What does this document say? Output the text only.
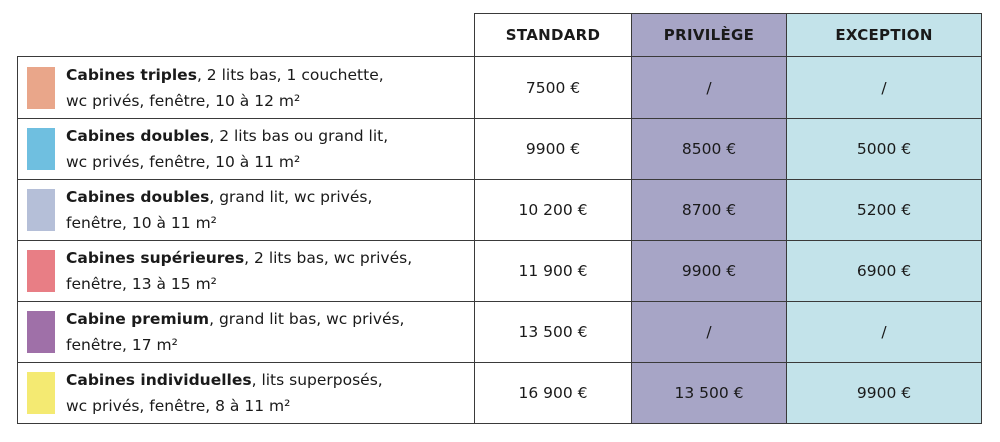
	STANDARD	PRIVILÈGE	EXCEPTION

Cabines triples, 2 lits bas, 1 couchette,
wc privés, fenêtre, 10 à 12 m²	7500 €	/	/

Cabines doubles, 2 lits bas ou grand lit,
wc privés, fenêtre, 10 à 11 m²	9900 €	8500 €	5000 €

Cabines doubles, grand lit, wc privés,
fenêtre, 10 à 11 m²	10 200 €	8700 €	5200 €

Cabines supérieures, 2 lits bas, wc privés,
fenêtre, 13 à 15 m²	11 900 €	9900 €	6900 €

Cabine premium, grand lit bas, wc privés,
fenêtre, 17 m²	13 500 €	/	/

Cabines individuelles, lits superposés,
wc privés, fenêtre, 8 à 11 m²	16 900 €	13 500 €	9900 €
